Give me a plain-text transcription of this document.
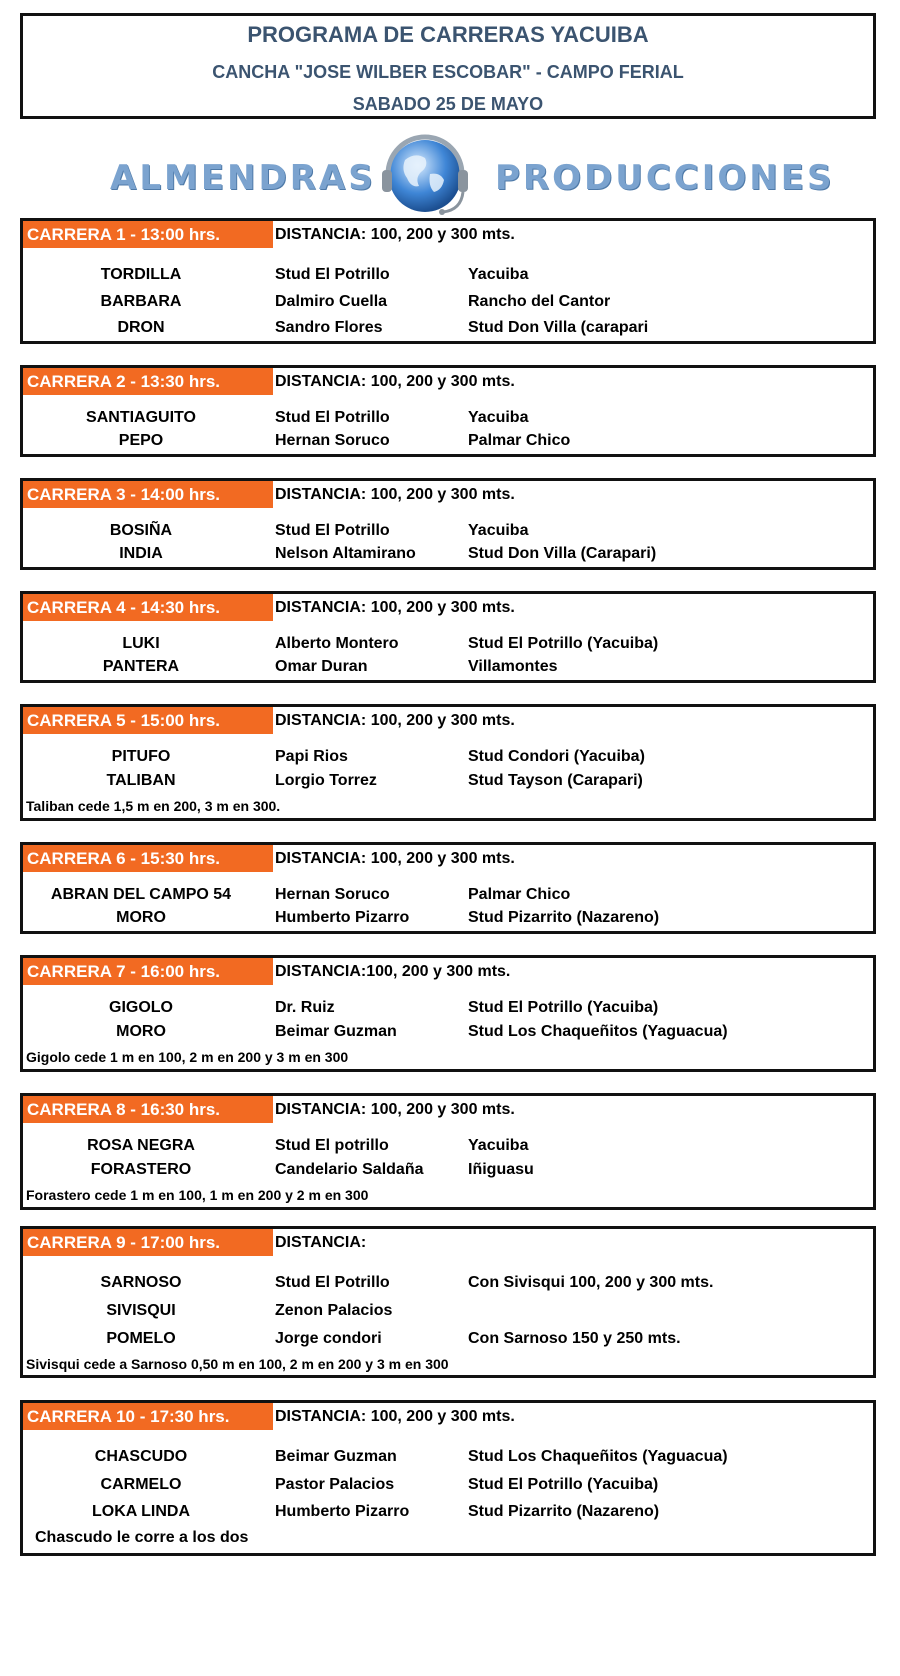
PROGRAMA DE CARRERAS YACUIBA
CANCHA "JOSE WILBER ESCOBAR" - CAMPO FERIAL
SABADO 25 DE MAYO
ALMENDRAS	PRODUCCIONES
CARRERA 1 - 13:00 hrs.	DISTANCIA: 100, 200 y 300 mts.
TORDILLA	Stud El Potrillo	Yacuiba
BARBARA	Dalmiro Cuella	Rancho del Cantor
DRON	Sandro Flores	Stud Don Villa (carapari
CARRERA 2 - 13:30 hrs.	DISTANCIA: 100, 200 y 300 mts.
SANTIAGUITO	Stud El Potrillo	Yacuiba
PEPO	Hernan Soruco	Palmar Chico
CARRERA 3 - 14:00 hrs.	DISTANCIA: 100, 200 y 300 mts.
BOSIÑA	Stud El Potrillo	Yacuiba
INDIA	Nelson Altamirano	Stud Don Villa (Carapari)
CARRERA 4 - 14:30 hrs.	DISTANCIA: 100, 200 y 300 mts.
LUKI	Alberto Montero	Stud El Potrillo (Yacuiba)
PANTERA	Omar Duran	Villamontes
CARRERA 5 - 15:00 hrs.	DISTANCIA: 100, 200 y 300 mts.
PITUFO	Papi Rios	Stud Condori (Yacuiba)
TALIBAN	Lorgio Torrez	Stud Tayson (Carapari)
Taliban cede 1,5 m en 200, 3 m en 300.
CARRERA 6 - 15:30 hrs.	DISTANCIA: 100, 200 y 300 mts.
ABRAN DEL CAMPO 54	Hernan Soruco	Palmar Chico
MORO	Humberto Pizarro	Stud Pizarrito (Nazareno)
CARRERA 7 - 16:00 hrs.	DISTANCIA:100, 200 y 300 mts.
GIGOLO	Dr. Ruiz	Stud El Potrillo (Yacuiba)
MORO	Beimar Guzman	Stud Los Chaqueñitos (Yaguacua)
Gigolo cede 1 m en 100, 2 m en 200 y 3 m en 300
CARRERA 8 - 16:30 hrs.	DISTANCIA: 100, 200 y 300 mts.
ROSA NEGRA	Stud El potrillo	Yacuiba
FORASTERO	Candelario Saldaña	Iñiguasu
Forastero cede 1 m en 100, 1 m en 200 y 2 m en 300
CARRERA 9 - 17:00 hrs.	DISTANCIA:
SARNOSO	Stud El Potrillo	Con Sivisqui 100, 200 y 300 mts.
SIVISQUI	Zenon Palacios
POMELO	Jorge condori	Con Sarnoso 150 y 250 mts.
Sivisqui cede a Sarnoso 0,50 m en 100, 2 m en 200 y 3 m en 300
CARRERA 10 - 17:30 hrs.	DISTANCIA: 100, 200 y 300 mts.
CHASCUDO	Beimar Guzman	Stud Los Chaqueñitos (Yaguacua)
CARMELO	Pastor Palacios	Stud El Potrillo (Yacuiba)
LOKA LINDA	Humberto Pizarro	Stud Pizarrito (Nazareno)
Chascudo le corre a los dos
